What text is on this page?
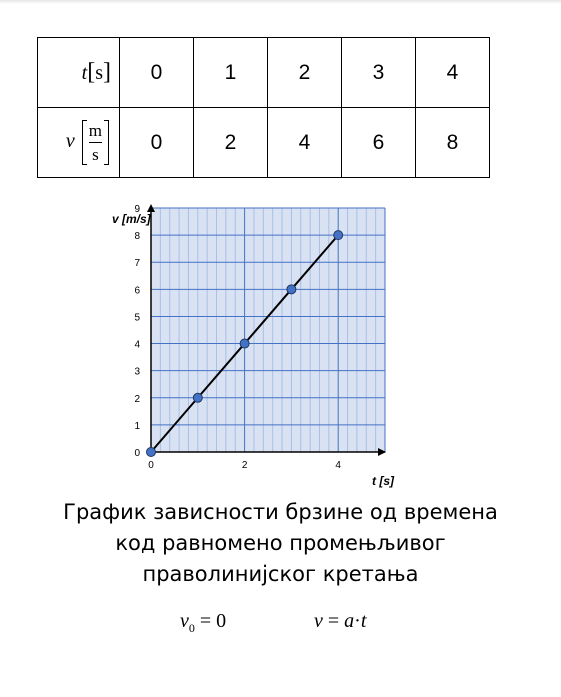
t[s]	0	1	2	3	4
v $\frac{m}{s}$	0	2	4	6	8
0
1
2
3
4
5
6
7
8
9
0	2	4
v [m/s]
t [s]
График зависности брзине од времена
код равномено промењљивог
праволинијског кретања
$v_0 = 0$	v = a·t
